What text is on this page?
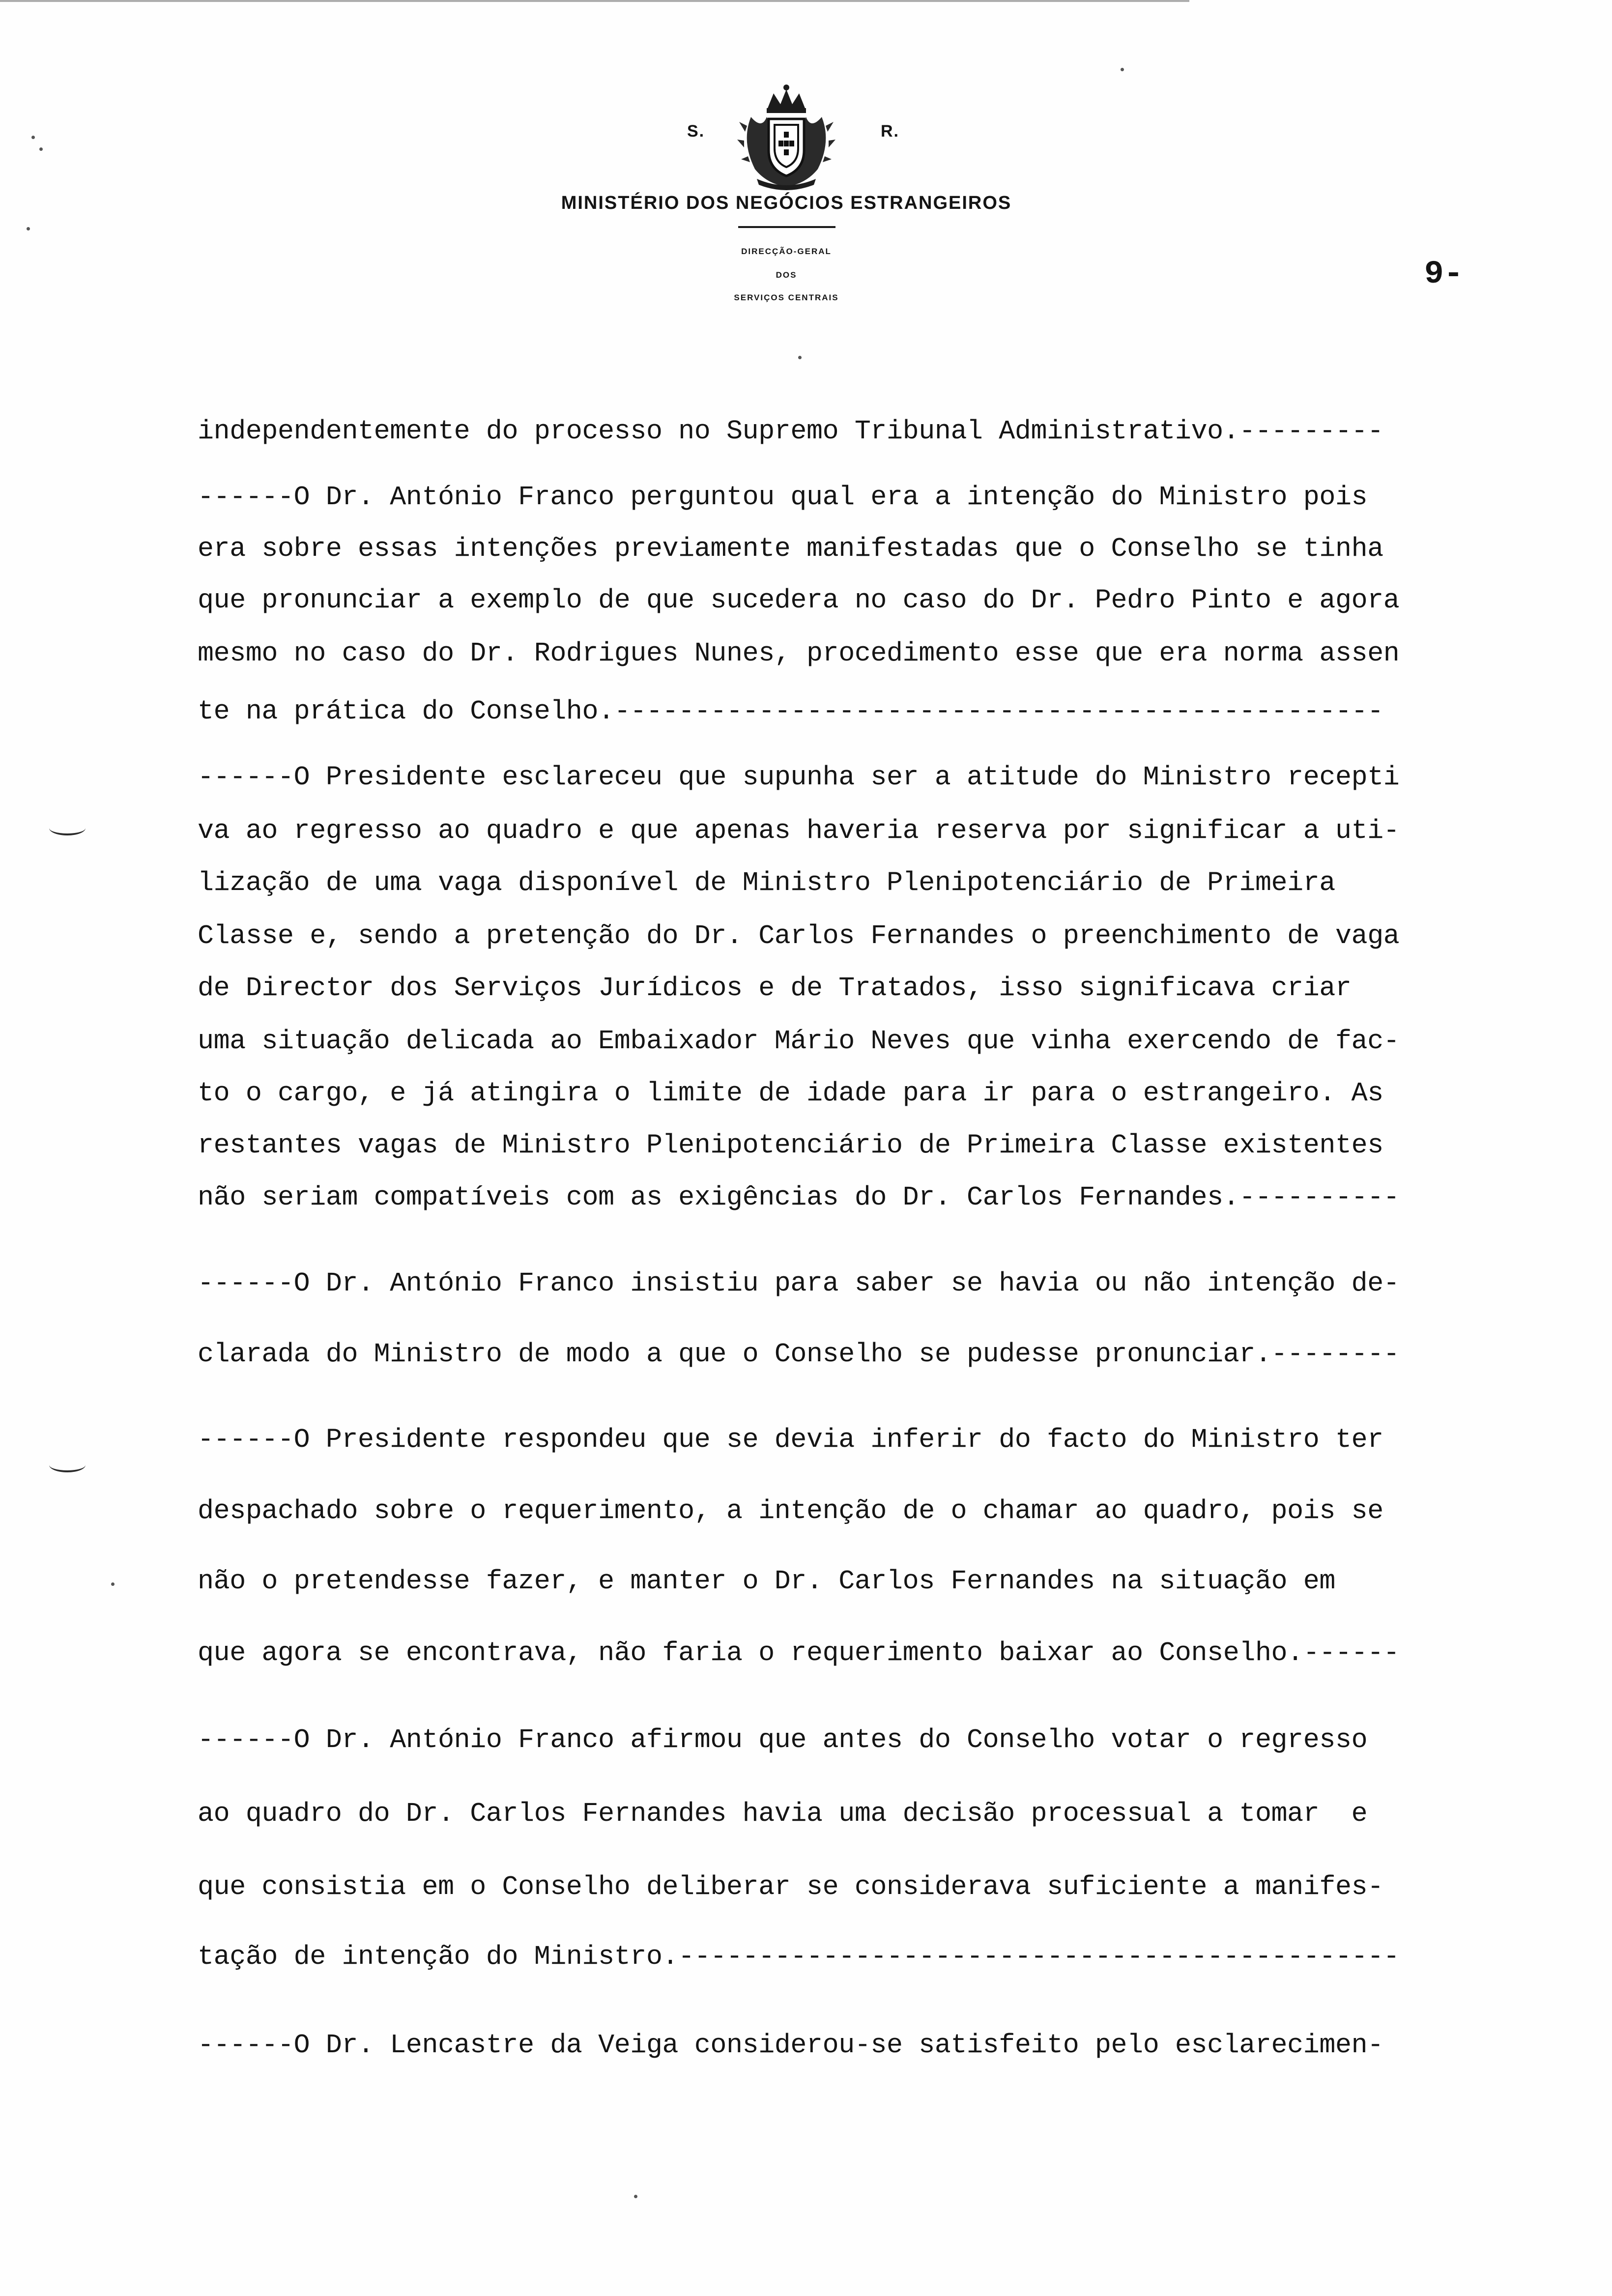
S.	R.
MINISTÉRIO DOS NEGÓCIOS ESTRANGEIROS
DIRECÇÃO-GERAL
DOS
SERVIÇOS CENTRAIS
9-
independentemente do processo no Supremo Tribunal Administrativo.---------
------O Dr. António Franco perguntou qual era a intenção do Ministro pois
era sobre essas intenções previamente manifestadas que o Conselho se tinha
que pronunciar a exemplo de que sucedera no caso do Dr. Pedro Pinto e agora
mesmo no caso do Dr. Rodrigues Nunes, procedimento esse que era norma assen
te na prática do Conselho.------------------------------------------------
------O Presidente esclareceu que supunha ser a atitude do Ministro recepti
va ao regresso ao quadro e que apenas haveria reserva por significar a uti-
lização de uma vaga disponível de Ministro Plenipotenciário de Primeira
Classe e, sendo a pretenção do Dr. Carlos Fernandes o preenchimento de vaga
de Director dos Serviços Jurídicos e de Tratados, isso significava criar
uma situação delicada ao Embaixador Mário Neves que vinha exercendo de fac-
to o cargo, e já atingira o limite de idade para ir para o estrangeiro. As
restantes vagas de Ministro Plenipotenciário de Primeira Classe existentes
não seriam compatíveis com as exigências do Dr. Carlos Fernandes.----------
------O Dr. António Franco insistiu para saber se havia ou não intenção de-
clarada do Ministro de modo a que o Conselho se pudesse pronunciar.--------
------O Presidente respondeu que se devia inferir do facto do Ministro ter
despachado sobre o requerimento, a intenção de o chamar ao quadro, pois se
não o pretendesse fazer, e manter o Dr. Carlos Fernandes na situação em
que agora se encontrava, não faria o requerimento baixar ao Conselho.------
------O Dr. António Franco afirmou que antes do Conselho votar o regresso
ao quadro do Dr. Carlos Fernandes havia uma decisão processual a tomar  e
que consistia em o Conselho deliberar se considerava suficiente a manifes-
tação de intenção do Ministro.---------------------------------------------
------O Dr. Lencastre da Veiga considerou-se satisfeito pelo esclarecimen-
